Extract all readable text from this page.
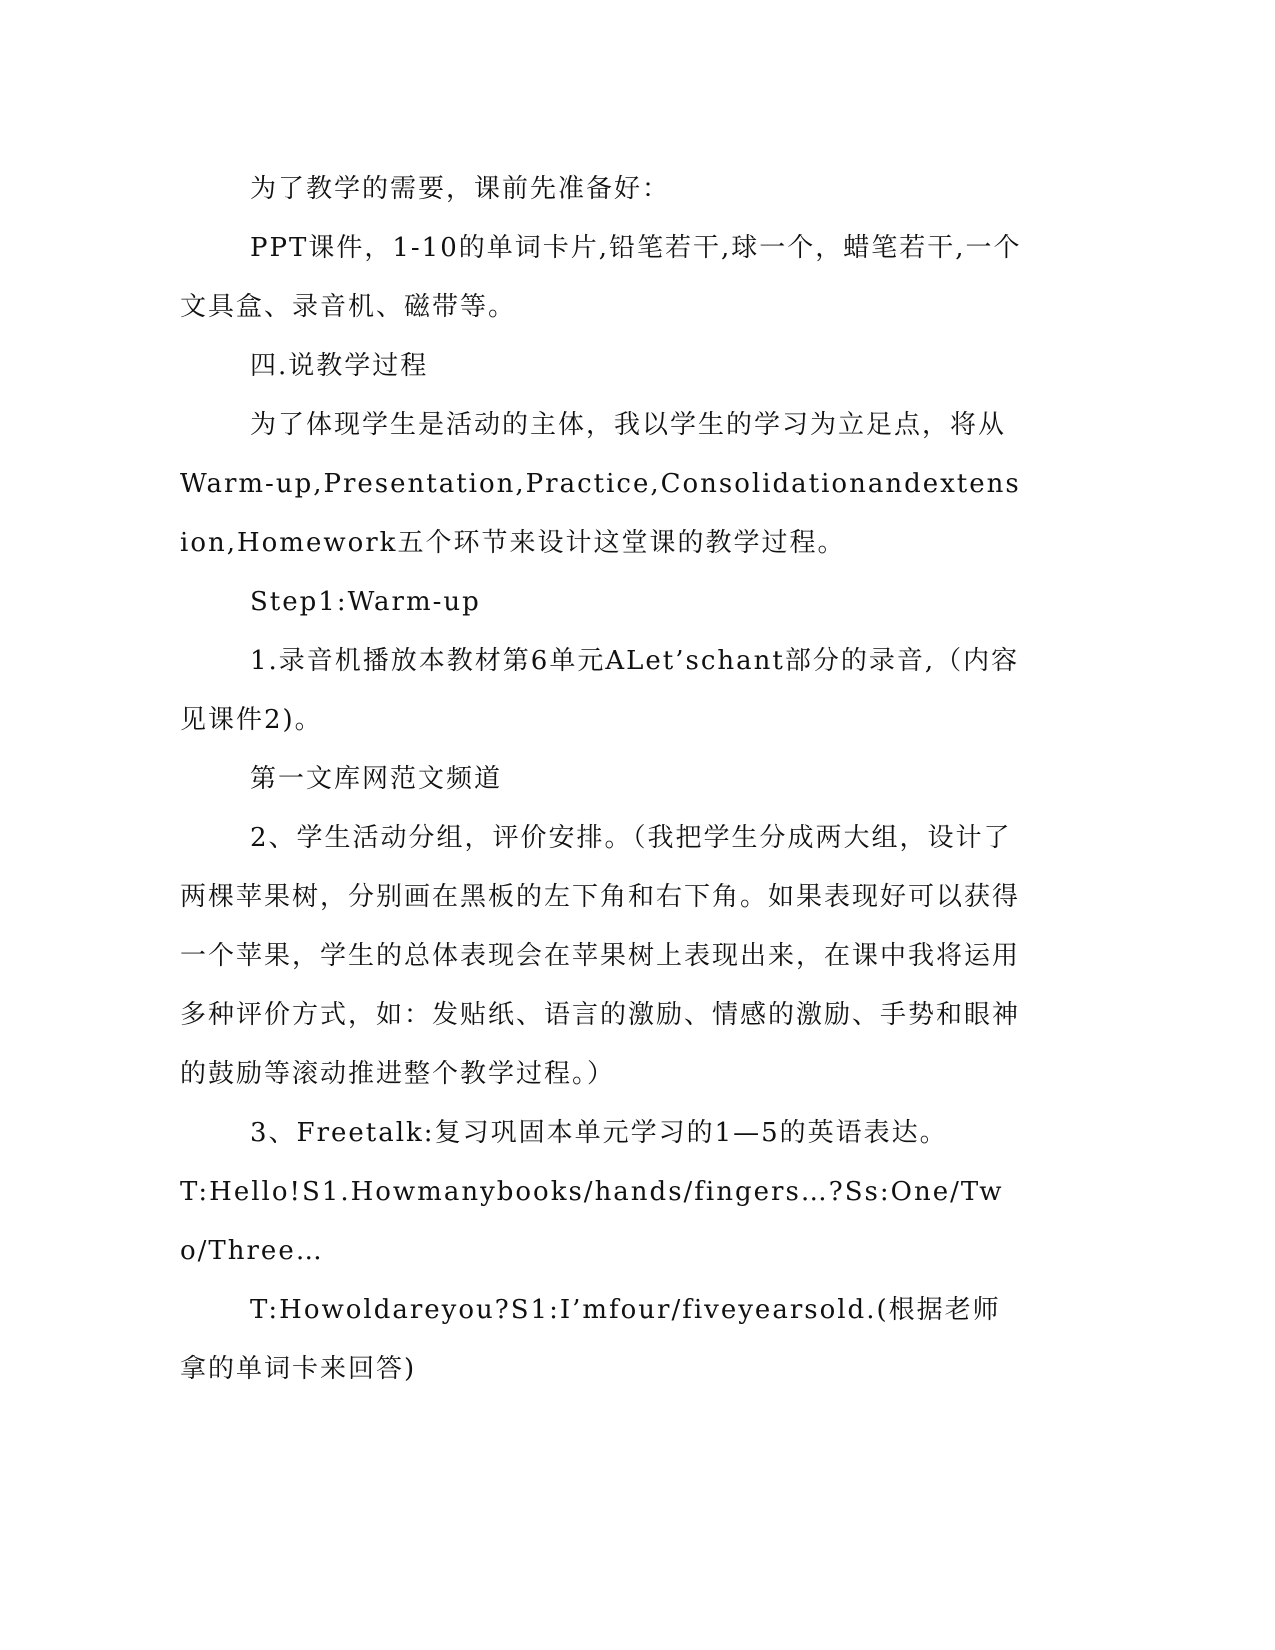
为了教学的需要，课前先准备好：

PPT课件，1-10的单词卡片,铅笔若干,球一个，蜡笔若干,一个文具盒、录音机、磁带等。

四.说教学过程

为了体现学生是活动的主体，我以学生的学习为立足点，将从Warm-up,Presentation,Practice,Consolidationandextension,Homework五个环节来设计这堂课的教学过程。

Step1:Warm-up

1.录音机播放本教材第6单元ALet’schant部分的录音,（内容见课件2)。

第一文库网范文频道

2、学生活动分组，评价安排。（我把学生分成两大组，设计了两棵苹果树，分别画在黑板的左下角和右下角。如果表现好可以获得一个苹果，学生的总体表现会在苹果树上表现出来，在课中我将运用多种评价方式，如：发贴纸、语言的激励、情感的激励、手势和眼神的鼓励等滚动推进整个教学过程。）

3、Freetalk:复习巩固本单元学习的1—5的英语表达。

T:Hello!S1.Howmanybooks/hands/fingers…?Ss:One/Two/Three…

T:Howoldareyou?S1:I’mfour/fiveyearsold.(根据老师拿的单词卡来回答)
